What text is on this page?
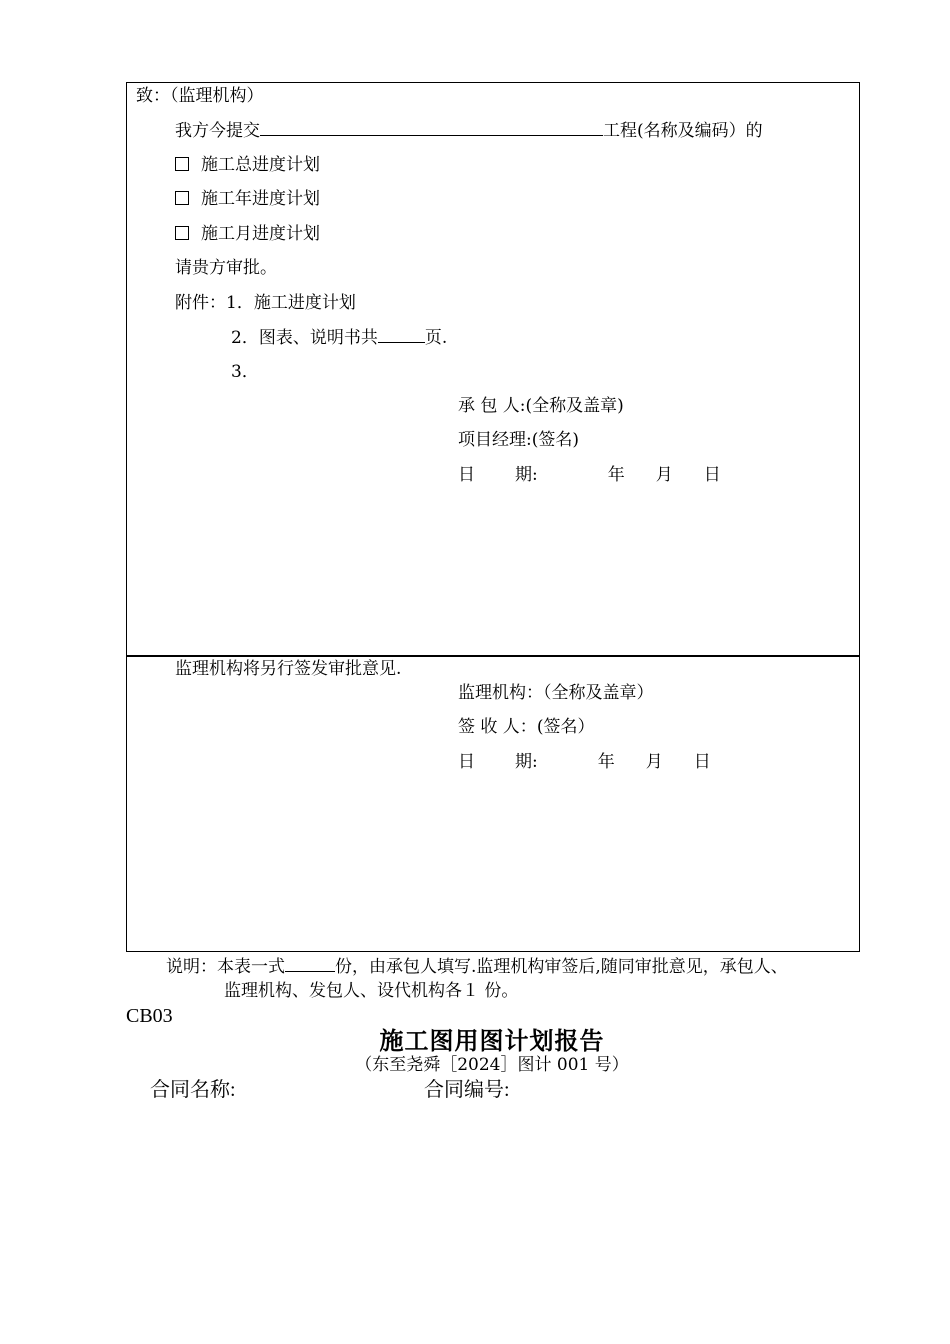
致：（监理机构）
我方今提交	工程(名称及编码）的
施工总进度计划
施工年进度计划
施工月进度计划
请贵方审批。
附件：1．施工进度计划
2．图表、说明书共	页.
3．
承 包 人:(全称及盖章)
项目经理:(签名)
日 期:	年 月 日
监理机构将另行签发审批意见.
监理机构：（全称及盖章）
签 收 人：(签名）
日 期:	年 月 日
说明：本表一式	份，由承包人填写.监理机构审签后,随同审批意见，承包人、
监理机构、发包人、设代机构各１ 份。
CB03
施工图用图计划报告
（东至尧舜［2024］图计 001 号）
合同名称:	合同编号:
